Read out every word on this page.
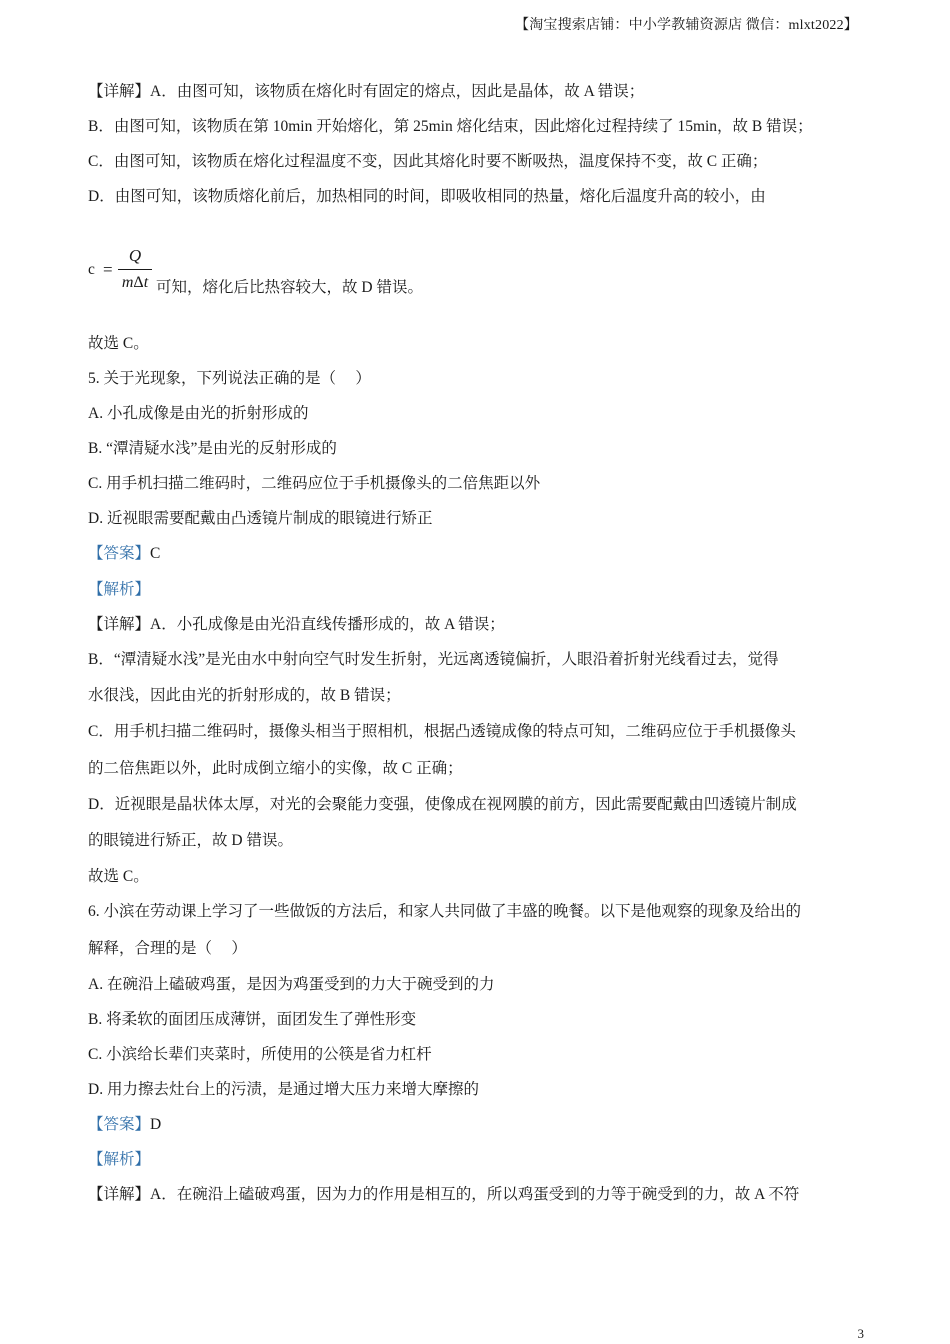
【淘宝搜索店铺：中小学教辅资源店 微信：mlxt2022】
【详解】A．由图可知，该物质在熔化时有固定的熔点，因此是晶体，故 A 错误；
B．由图可知，该物质在第 10min 开始熔化，第 25min 熔化结束，因此熔化过程持续了 15min，故 B 错误；
C．由图可知，该物质在熔化过程温度不变，因此其熔化时要不断吸热，温度保持不变，故 C 正确；
D．由图可知，该物质熔化前后，加热相同的时间，即吸收相同的热量，熔化后温度升高的较小，由
c =
Q
mΔt 可知，熔化后比热容较大，故 D 错误。
故选 C。
5. 关于光现象，下列说法正确的是（　 ）
A. 小孔成像是由光的折射形成的
B. “潭清疑水浅”是由光的反射形成的
C. 用手机扫描二维码时，二维码应位于手机摄像头的二倍焦距以外
D. 近视眼需要配戴由凸透镜片制成的眼镜进行矫正
【答案】C
【解析】
【详解】A．小孔成像是由光沿直线传播形成的，故 A 错误；
B．“潭清疑水浅”是光由水中射向空气时发生折射，光远离透镜偏折，人眼沿着折射光线看过去，觉得
水很浅，因此由光的折射形成的，故 B 错误；
C．用手机扫描二维码时，摄像头相当于照相机，根据凸透镜成像的特点可知，二维码应位于手机摄像头
的二倍焦距以外，此时成倒立缩小的实像，故 C 正确；
D．近视眼是晶状体太厚，对光的会聚能力变强，使像成在视网膜的前方，因此需要配戴由凹透镜片制成
的眼镜进行矫正，故 D 错误。
故选 C。
6. 小滨在劳动课上学习了一些做饭的方法后，和家人共同做了丰盛的晚餐。以下是他观察的现象及给出的
解释，合理的是（　 ）
A. 在碗沿上磕破鸡蛋，是因为鸡蛋受到的力大于碗受到的力
B. 将柔软的面团压成薄饼，面团发生了弹性形变
C. 小滨给长辈们夹菜时，所使用的公筷是省力杠杆
D. 用力擦去灶台上的污渍，是通过增大压力来增大摩擦的
【答案】D
【解析】
【详解】A．在碗沿上磕破鸡蛋，因为力的作用是相互的，所以鸡蛋受到的力等于碗受到的力，故 A 不符
3
